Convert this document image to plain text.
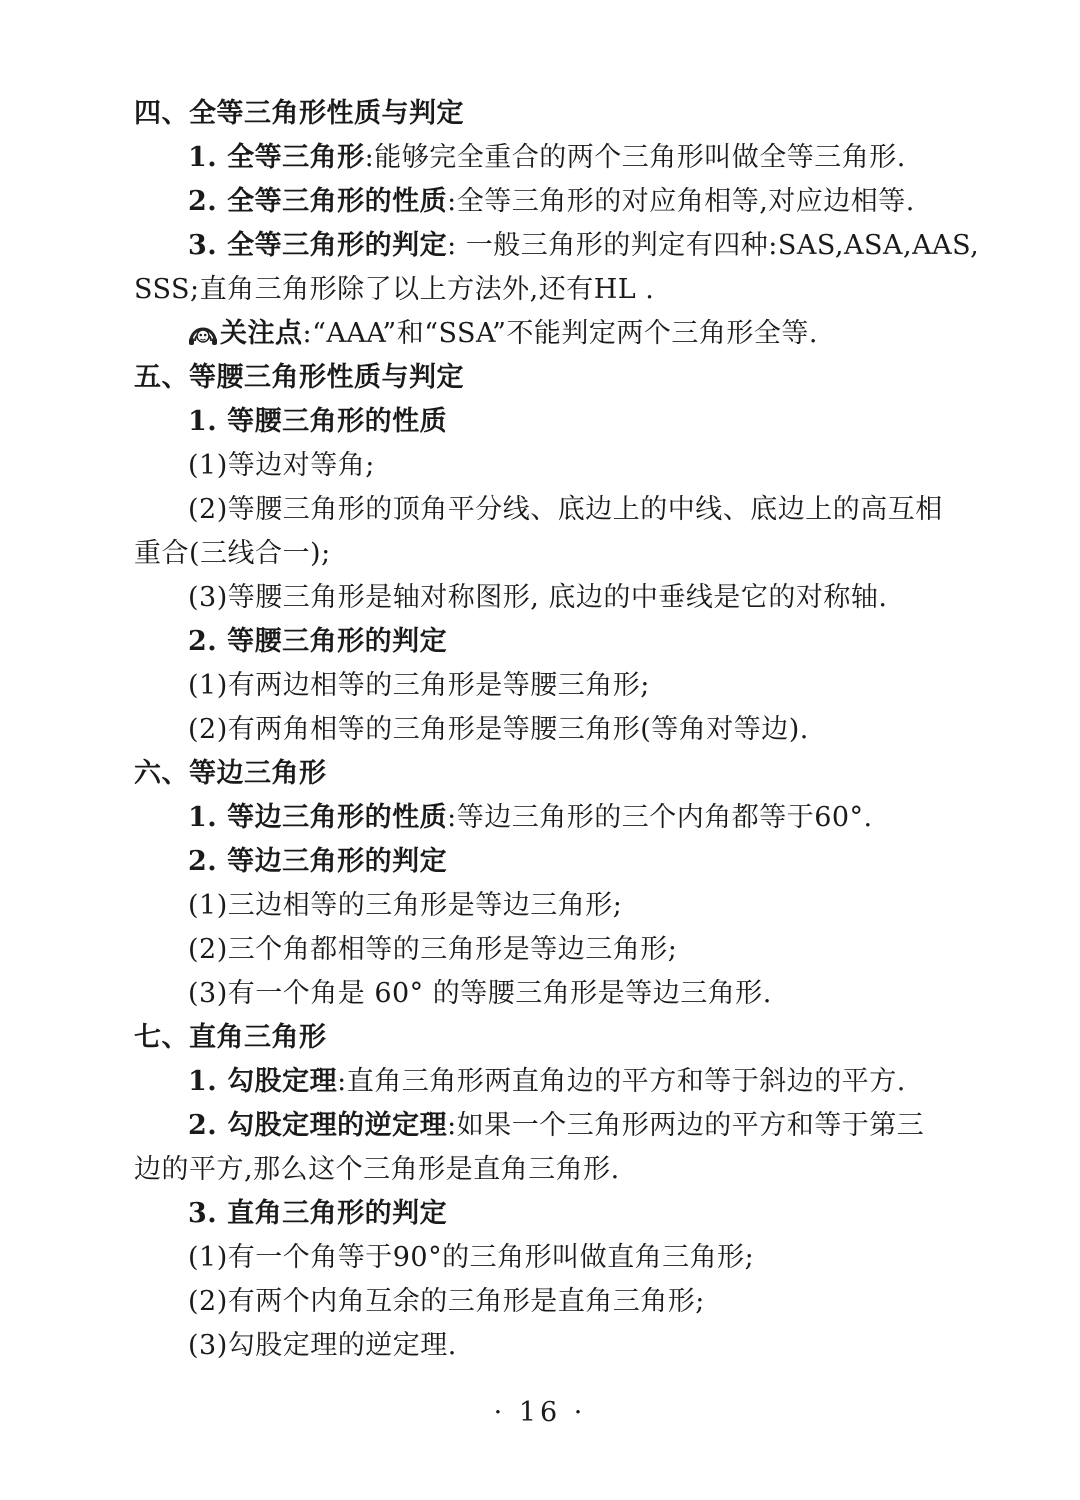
四、全等三角形性质与判定
1. 全等三角形:能够完全重合的两个三角形叫做全等三角形.
2. 全等三角形的性质:全等三角形的对应角相等,对应边相等.
3. 全等三角形的判定: 一般三角形的判定有四种:SAS,ASA,AAS,
SSS;直角三角形除了以上方法外,还有HL .
关注点:“AAA”和“SSA”不能判定两个三角形全等.
五、等腰三角形性质与判定
1. 等腰三角形的性质
(1)等边对等角;
(2)等腰三角形的顶角平分线、底边上的中线、底边上的高互相
重合(三线合一);
(3)等腰三角形是轴对称图形, 底边的中垂线是它的对称轴.
2. 等腰三角形的判定
(1)有两边相等的三角形是等腰三角形;
(2)有两角相等的三角形是等腰三角形(等角对等边).
六、等边三角形
1. 等边三角形的性质:等边三角形的三个内角都等于60°.
2. 等边三角形的判定
(1)三边相等的三角形是等边三角形;
(2)三个角都相等的三角形是等边三角形;
(3)有一个角是 60° 的等腰三角形是等边三角形.
七、直角三角形
1. 勾股定理:直角三角形两直角边的平方和等于斜边的平方.
2. 勾股定理的逆定理:如果一个三角形两边的平方和等于第三
边的平方,那么这个三角形是直角三角形.
3. 直角三角形的判定
(1)有一个角等于90°的三角形叫做直角三角形;
(2)有两个内角互余的三角形是直角三角形;
(3)勾股定理的逆定理.
· 16 ·
